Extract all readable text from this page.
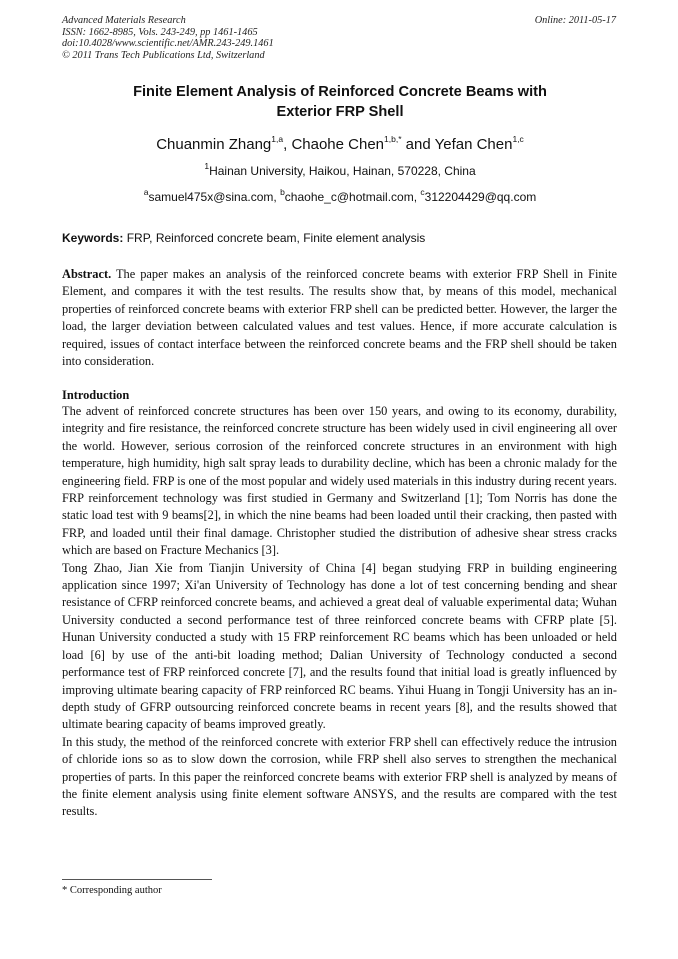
Advanced Materials Research
ISSN: 1662-8985, Vols. 243-249, pp 1461-1465
doi:10.4028/www.scientific.net/AMR.243-249.1461
© 2011 Trans Tech Publications Ltd, Switzerland
Online: 2011-05-17
Finite Element Analysis of Reinforced Concrete Beams with
Exterior FRP Shell
Chuanmin Zhang$^{1,a}$, Chaohe Chen$^{1,b,*}$ and Yefan Chen$^{1,c}$
$^1$Hainan University, Haikou, Hainan, 570228, China
$^a$samuel475x@sina.com, $^b$chaohe_c@hotmail.com, $^c$312204429@qq.com
Keywords: FRP, Reinforced concrete beam, Finite element analysis
Abstract. The paper makes an analysis of the reinforced concrete beams with exterior FRP Shell in Finite Element, and compares it with the test results. The results show that, by means of this model, mechanical properties of reinforced concrete beams with exterior FRP shell can be predicted better. However, the larger the load, the larger deviation between calculated values and test values. Hence, if more accurate calculation is required, issues of contact interface between the reinforced concrete beams and the FRP shell should be taken into consideration.
Introduction

The advent of reinforced concrete structures has been over 150 years, and owing to its economy, durability, integrity and fire resistance, the reinforced concrete structure has been widely used in civil engineering all over the world. However, serious corrosion of the reinforced concrete structures in an environment with high temperature, high humidity, high salt spray leads to durability decline, which has been a chronic malady for the engineering field. FRP is one of the most popular and widely used materials in this industry during recent years. FRP reinforcement technology was first studied in Germany and Switzerland [1]; Tom Norris has done the static load test with 9 beams[2], in which the nine beams had been loaded until their cracking, then pasted with FRP, and loaded until their final damage. Christopher studied the distribution of adhesive shear stress cracks which are based on Fracture Mechanics [3].

Tong Zhao, Jian Xie from Tianjin University of China [4] began studying FRP in building engineering application since 1997; Xi'an University of Technology has done a lot of test concerning bending and shear resistance of CFRP reinforced concrete beams, and achieved a great deal of valuable experimental data; Wuhan University conducted a second performance test of three reinforced concrete beams with CFRP plate [5]. Hunan University conducted a study with 15 FRP reinforcement RC beams which has been unloaded or held load [6] by use of the anti-bit loading method; Dalian University of Technology conducted a second performance test of FRP reinforced concrete [7], and the results found that initial load is greatly influenced by improving ultimate bearing capacity of FRP reinforced RC beams. Yihui Huang in Tongji University has an in-depth study of GFRP outsourcing reinforced concrete beams in recent years [8], and the results showed that ultimate bearing capacity of beams improved greatly.

In this study, the method of the reinforced concrete with exterior FRP shell can effectively reduce the intrusion of chloride ions so as to slow down the corrosion, while FRP shell also serves to strengthen the mechanical properties of parts. In this paper the reinforced concrete beams with exterior FRP shell is analyzed by means of the finite element analysis using finite element software ANSYS, and the results are compared with the test results.

* Corresponding author
